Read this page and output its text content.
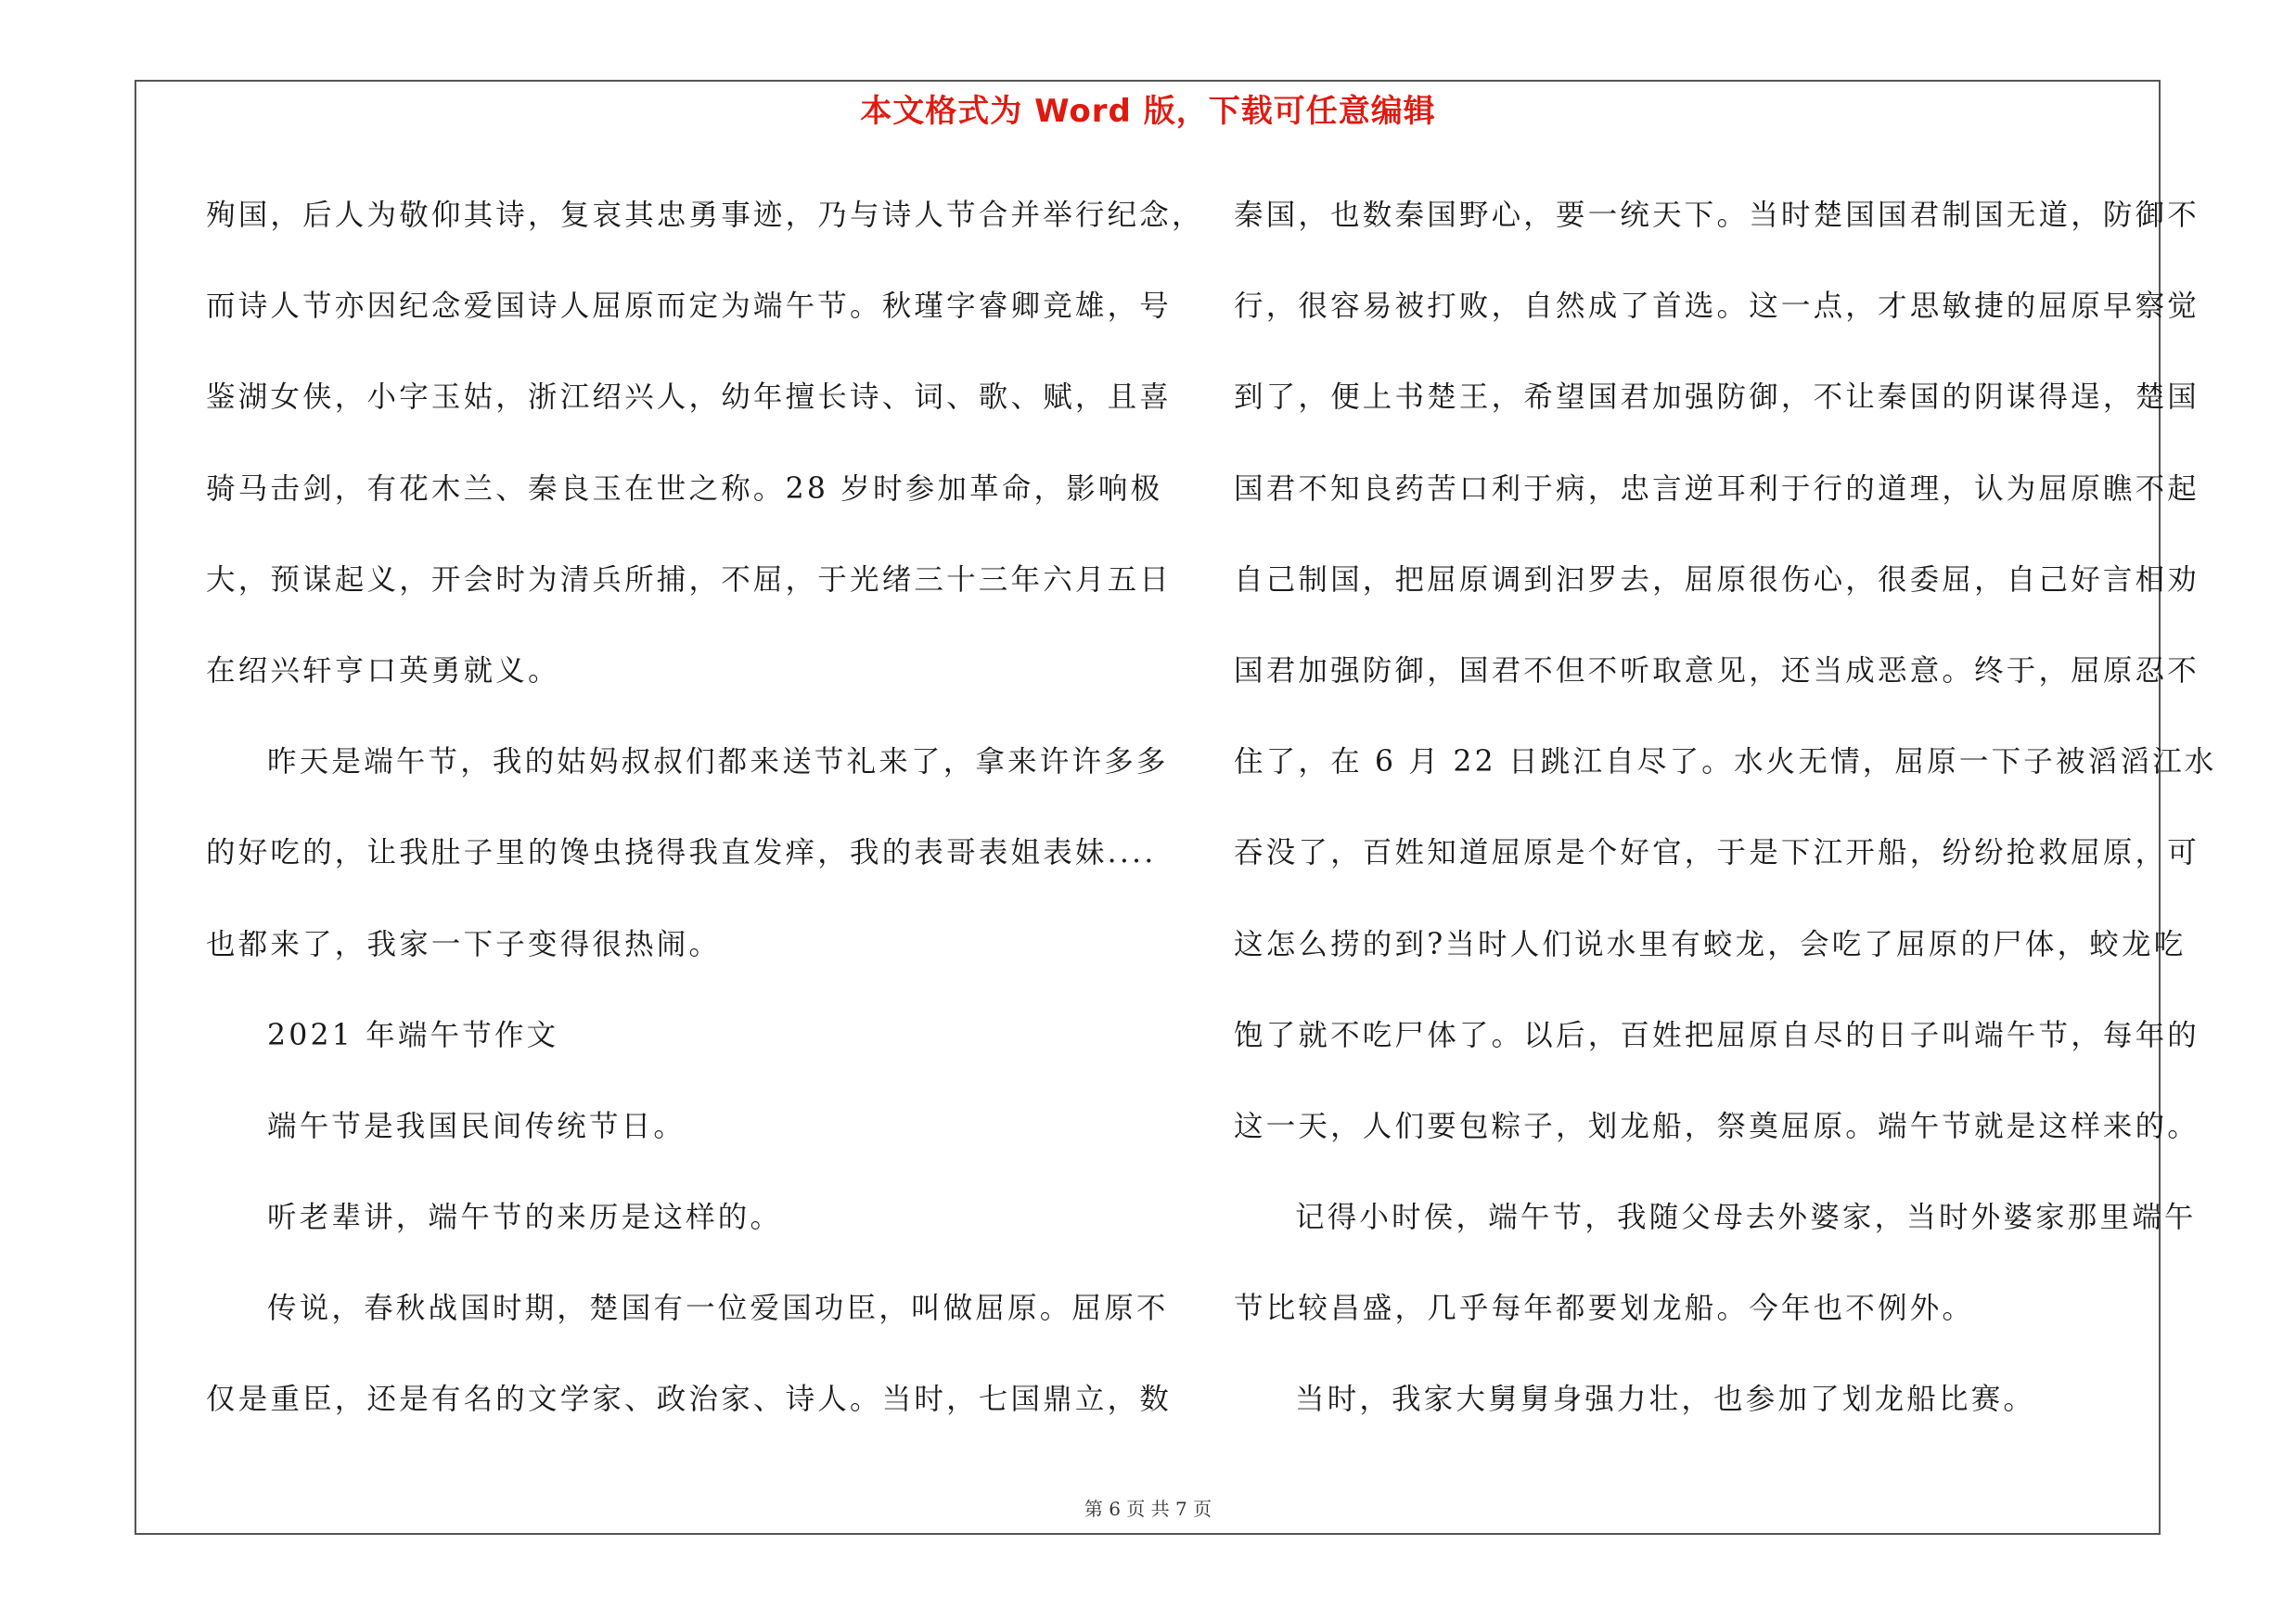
本文格式为 Word 版，下载可任意编辑
殉国，后人为敬仰其诗，复哀其忠勇事迹，乃与诗人节合并举行纪念，
而诗人节亦因纪念爱国诗人屈原而定为端午节。秋瑾字睿卿竞雄，号
鉴湖女侠，小字玉姑，浙江绍兴人，幼年擅长诗、词、歌、赋，且喜
骑马击剑，有花木兰、秦良玉在世之称。28 岁时参加革命，影响极
大，预谋起义，开会时为清兵所捕，不屈，于光绪三十三年六月五日
在绍兴轩亨口英勇就义。
昨天是端午节，我的姑妈叔叔们都来送节礼来了，拿来许许多多
的好吃的，让我肚子里的馋虫挠得我直发痒，我的表哥表姐表妹....
也都来了，我家一下子变得很热闹。
2021 年端午节作文
端午节是我国民间传统节日。
听老辈讲，端午节的来历是这样的。
传说，春秋战国时期，楚国有一位爱国功臣，叫做屈原。屈原不
仅是重臣，还是有名的文学家、政治家、诗人。当时，七国鼎立，数
秦国，也数秦国野心，要一统天下。当时楚国国君制国无道，防御不
行，很容易被打败，自然成了首选。这一点，才思敏捷的屈原早察觉
到了，便上书楚王，希望国君加强防御，不让秦国的阴谋得逞，楚国
国君不知良药苦口利于病，忠言逆耳利于行的道理，认为屈原瞧不起
自己制国，把屈原调到汩罗去，屈原很伤心，很委屈，自己好言相劝
国君加强防御，国君不但不听取意见，还当成恶意。终于，屈原忍不
住了，在 6 月 22 日跳江自尽了。水火无情，屈原一下子被滔滔江水
吞没了，百姓知道屈原是个好官，于是下江开船，纷纷抢救屈原，可
这怎么捞的到?当时人们说水里有蛟龙，会吃了屈原的尸体，蛟龙吃
饱了就不吃尸体了。以后，百姓把屈原自尽的日子叫端午节，每年的
这一天，人们要包粽子，划龙船，祭奠屈原。端午节就是这样来的。
记得小时侯，端午节，我随父母去外婆家，当时外婆家那里端午
节比较昌盛，几乎每年都要划龙船。今年也不例外。
当时，我家大舅舅身强力壮，也参加了划龙船比赛。
第 6 页 共 7 页
